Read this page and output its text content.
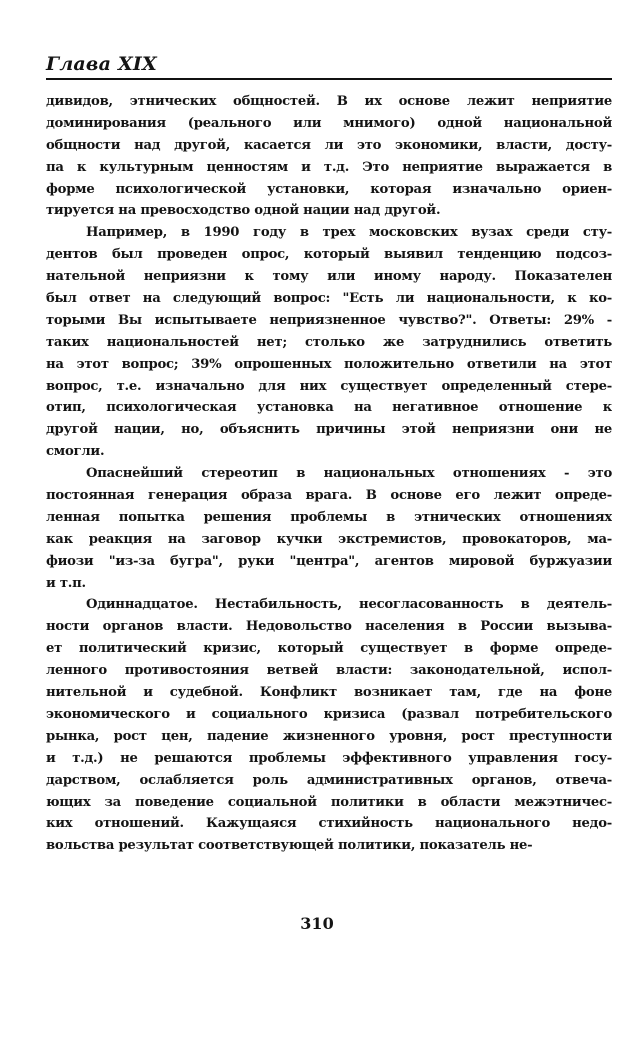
Глава XIX
дивидов, этнических общностей. В их основе лежит неприятие
доминирования (реального или мнимого) одной национальной
общности над другой, касается ли это экономики, власти, досту-
па к культурным ценностям и т.д. Это неприятие выражается в
форме психологической установки, которая изначально ориен-
тируется на превосходство одной нации над другой.
Например, в 1990 году в трех московских вузах среди сту-
дентов был проведен опрос, который выявил тенденцию подсоз-
нательной неприязни к тому или иному народу. Показателен
был ответ на следующий вопрос: "Есть ли национальности, к ко-
торыми Вы испытываете неприязненное чувство?". Ответы: 29% -
таких национальностей нет; столько же затруднились ответить
на этот вопрос; 39% опрошенных положительно ответили на этот
вопрос, т.е. изначально для них существует определенный стере-
отип, психологическая установка на негативное отношение к
другой нации, но, объяснить причины этой неприязни они не
смогли.
Опаснейший стереотип в национальных отношениях - это
постоянная генерация образа врага. В основе его лежит опреде-
ленная попытка решения проблемы в этнических отношениях
как реакция на заговор кучки экстремистов, провокаторов, ма-
фиози "из-за бугра", руки "центра", агентов мировой буржуазии
и т.п.
Одиннадцатое. Нестабильность, несогласованность в деятель-
ности органов власти. Недовольство населения в России вызыва-
ет политический кризис, который существует в форме опреде-
ленного противостояния ветвей власти: законодательной, испол-
нительной и судебной. Конфликт возникает там, где на фоне
экономического и социального кризиса (развал потребительского
рынка, рост цен, падение жизненного уровня, рост преступности
и т.д.) не решаются проблемы эффективного управления госу-
дарством, ослабляется роль административных органов, отвеча-
ющих за поведение социальной политики в области межэтничес-
ких отношений. Кажущаяся стихийность национального недо-
вольства результат соответствующей политики, показатель не-
310
